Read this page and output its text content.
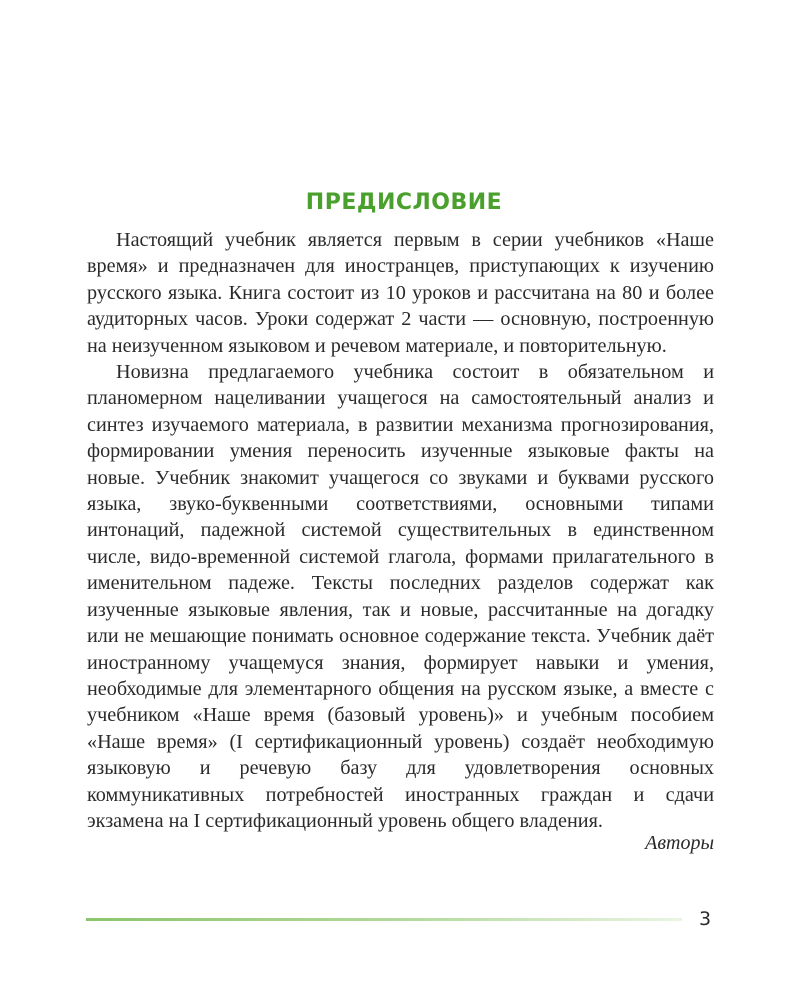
ПРЕДИСЛОВИЕ

Настоящий учебник является первым в серии учебников «Наше время» и предназначен для иностранцев, приступающих к изучению русского языка. Книга состоит из 10 уроков и рассчитана на 80 и более аудиторных часов. Уроки содержат 2 части — основную, построенную на неизученном языковом и речевом материале, и повторительную.

Новизна предлагаемого учебника состоит в обязательном и планомерном нацеливании учащегося на самостоятельный анализ и синтез изучаемого материала, в развитии механизма прогнозирования, формировании умения переносить изученные языковые факты на новые. Учебник знакомит учащегося со звуками и буквами русского языка, звуко-буквенными соответствиями, основными типами интонаций, падежной системой существительных в единственном числе, видо-временной системой глагола, формами прилагательного в именительном падеже. Тексты последних разделов содержат как изученные языковые явления, так и новые, рассчитанные на догадку или не мешающие понимать основное содержание текста. Учебник даёт иностранному учащемуся знания, формирует навыки и умения, необходимые для элементарного общения на русском языке, а вместе с учебником «Наше время (базовый уровень)» и учебным пособием «Наше время» (I сертификационный уровень) создаёт необходимую языковую и речевую базу для удовлетворения основных коммуникативных потребностей иностранных граждан и сдачи экзамена на I сертификационный уровень общего владения.

Авторы
3
